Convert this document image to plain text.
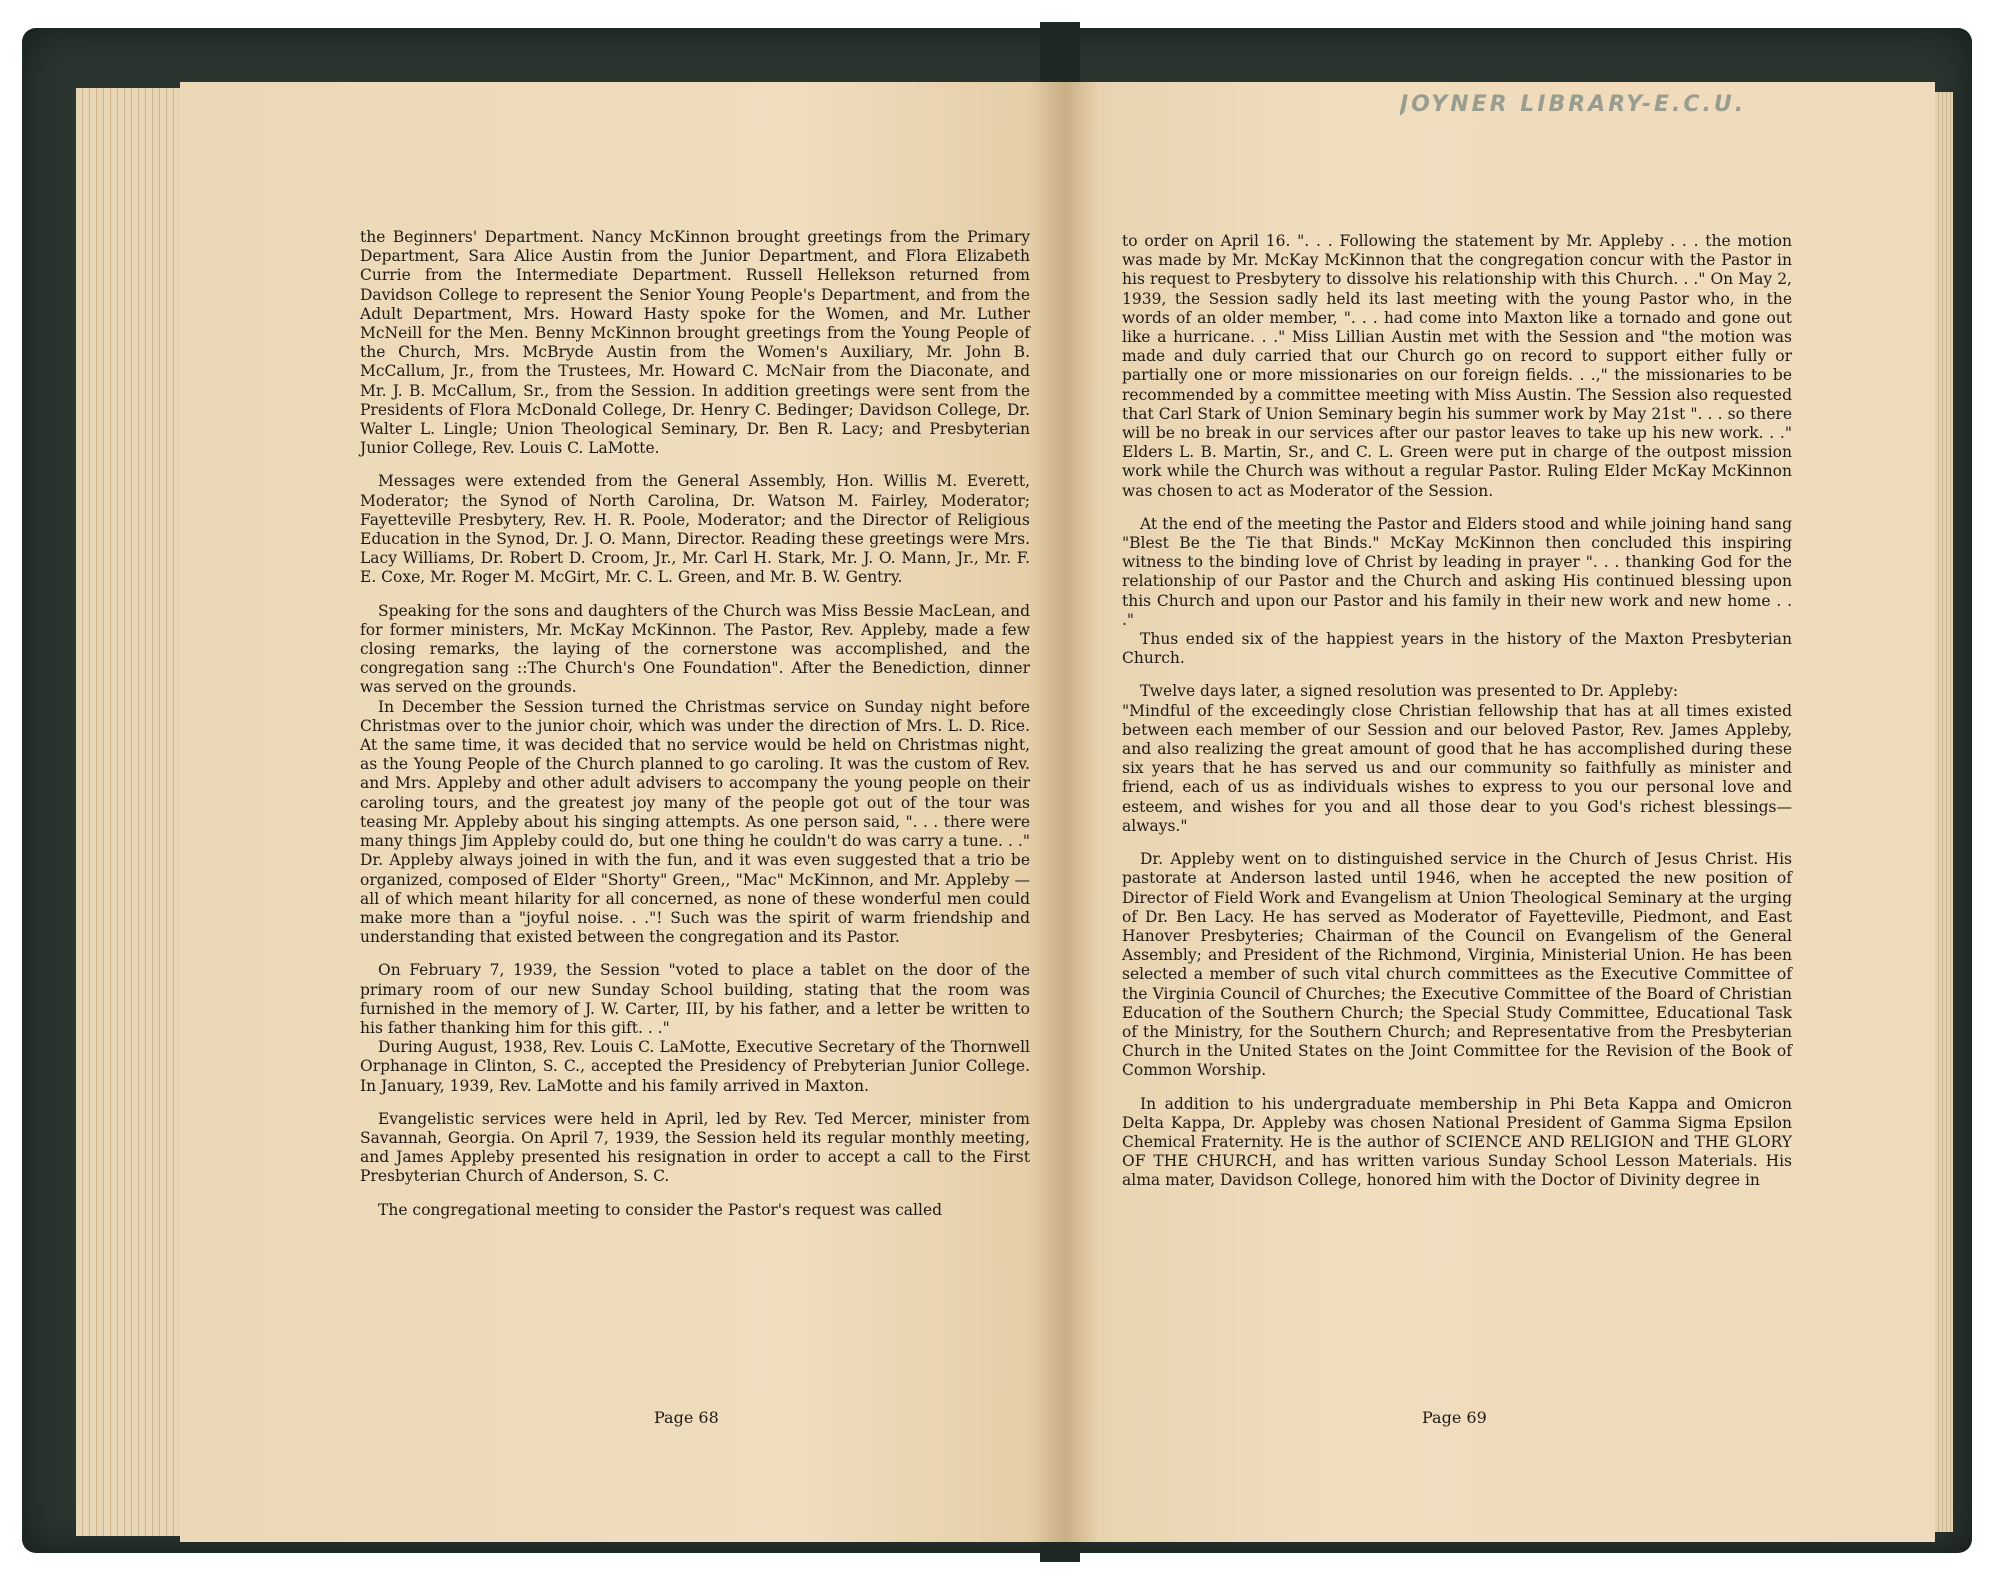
JOYNER LIBRARY-E.C.U.

the Beginners' Department. Nancy McKinnon brought greetings from the Primary Department, Sara Alice Austin from the Junior Department, and Flora Elizabeth Currie from the Intermediate Department. Russell Hellekson returned from Davidson College to represent the Senior Young People's Department, and from the Adult Department, Mrs. Howard Hasty spoke for the Women, and Mr. Luther McNeill for the Men. Benny McKinnon brought greetings from the Young People of the Church, Mrs. McBryde Austin from the Women's Auxiliary, Mr. John B. McCallum, Jr., from the Trustees, Mr. Howard C. McNair from the Diaconate, and Mr. J. B. McCallum, Sr., from the Session. In addition greetings were sent from the Presidents of Flora McDonald College, Dr. Henry C. Bedinger; Davidson College, Dr. Walter L. Lingle; Union Theological Seminary, Dr. Ben R. Lacy; and Presbyterian Junior College, Rev. Louis C. LaMotte.

Messages were extended from the General Assembly, Hon. Willis M. Everett, Moderator; the Synod of North Carolina, Dr. Watson M. Fairley, Moderator; Fayetteville Presbytery, Rev. H. R. Poole, Moderator; and the Director of Religious Education in the Synod, Dr. J. O. Mann, Director. Reading these greetings were Mrs. Lacy Williams, Dr. Robert D. Croom, Jr., Mr. Carl H. Stark, Mr. J. O. Mann, Jr., Mr. F. E. Coxe, Mr. Roger M. McGirt, Mr. C. L. Green, and Mr. B. W. Gentry.

Speaking for the sons and daughters of the Church was Miss Bessie MacLean, and for former ministers, Mr. McKay McKinnon. The Pastor, Rev. Appleby, made a few closing remarks, the laying of the cornerstone was accomplished, and the congregation sang ::The Church's One Foundation". After the Benediction, dinner was served on the grounds.

In December the Session turned the Christmas service on Sunday night before Christmas over to the junior choir, which was under the direction of Mrs. L. D. Rice. At the same time, it was decided that no service would be held on Christmas night, as the Young People of the Church planned to go caroling. It was the custom of Rev. and Mrs. Appleby and other adult advisers to accompany the young people on their caroling tours, and the greatest joy many of the people got out of the tour was teasing Mr. Appleby about his singing attempts. As one person said, ". . . there were many things Jim Appleby could do, but one thing he couldn't do was carry a tune. . ." Dr. Appleby always joined in with the fun, and it was even suggested that a trio be organized, composed of Elder "Shorty" Green,, "Mac" McKinnon, and Mr. Appleby — all of which meant hilarity for all concerned, as none of these wonderful men could make more than a "joyful noise. . ."! Such was the spirit of warm friendship and understanding that existed between the congregation and its Pastor.

On February 7, 1939, the Session "voted to place a tablet on the door of the primary room of our new Sunday School building, stating that the room was furnished in the memory of J. W. Carter, III, by his father, and a letter be written to his father thanking him for this gift. . ."

During August, 1938, Rev. Louis C. LaMotte, Executive Secretary of the Thornwell Orphanage in Clinton, S. C., accepted the Presidency of Prebyterian Junior College. In January, 1939, Rev. LaMotte and his family arrived in Maxton.

Evangelistic services were held in April, led by Rev. Ted Mercer, minister from Savannah, Georgia. On April 7, 1939, the Session held its regular monthly meeting, and James Appleby presented his resignation in order to accept a call to the First Presbyterian Church of Anderson, S. C.

The congregational meeting to consider the Pastor's request was called

to order on April 16. ". . . Following the statement by Mr. Appleby . . . the motion was made by Mr. McKay McKinnon that the congregation concur with the Pastor in his request to Presbytery to dissolve his relationship with this Church. . ." On May 2, 1939, the Session sadly held its last meeting with the young Pastor who, in the words of an older member, ". . . had come into Maxton like a tornado and gone out like a hurricane. . ." Miss Lillian Austin met with the Session and "the motion was made and duly carried that our Church go on record to support either fully or partially one or more missionaries on our foreign fields. . .," the missionaries to be recommended by a committee meeting with Miss Austin. The Session also requested that Carl Stark of Union Seminary begin his summer work by May 21st ". . . so there will be no break in our services after our pastor leaves to take up his new work. . ." Elders L. B. Martin, Sr., and C. L. Green were put in charge of the outpost mission work while the Church was without a regular Pastor. Ruling Elder McKay McKinnon was chosen to act as Moderator of the Session.

At the end of the meeting the Pastor and Elders stood and while joining hand sang "Blest Be the Tie that Binds." McKay McKinnon then concluded this inspiring witness to the binding love of Christ by leading in prayer ". . . thanking God for the relationship of our Pastor and the Church and asking His continued blessing upon this Church and upon our Pastor and his family in their new work and new home . . ."

Thus ended six of the happiest years in the history of the Maxton Presbyterian Church.

Twelve days later, a signed resolution was presented to Dr. Appleby:

"Mindful of the exceedingly close Christian fellowship that has at all times existed between each member of our Session and our beloved Pastor, Rev. James Appleby, and also realizing the great amount of good that he has accomplished during these six years that he has served us and our community so faithfully as minister and friend, each of us as individuals wishes to express to you our personal love and esteem, and wishes for you and all those dear to you God's richest blessings—always."

Dr. Appleby went on to distinguished service in the Church of Jesus Christ. His pastorate at Anderson lasted until 1946, when he accepted the new position of Director of Field Work and Evangelism at Union Theological Seminary at the urging of Dr. Ben Lacy. He has served as Moderator of Fayetteville, Piedmont, and East Hanover Presbyteries; Chairman of the Council on Evangelism of the General Assembly; and President of the Richmond, Virginia, Ministerial Union. He has been selected a member of such vital church committees as the Executive Committee of the Virginia Council of Churches; the Executive Committee of the Board of Christian Education of the Southern Church; the Special Study Committee, Educational Task of the Ministry, for the Southern Church; and Representative from the Presbyterian Church in the United States on the Joint Committee for the Revision of the Book of Common Worship.

In addition to his undergraduate membership in Phi Beta Kappa and Omicron Delta Kappa, Dr. Appleby was chosen National President of Gamma Sigma Epsilon Chemical Fraternity. He is the author of SCIENCE AND RELIGION and THE GLORY OF THE CHURCH, and has written various Sunday School Lesson Materials. His alma mater, Davidson College, honored him with the Doctor of Divinity degree in

Page 68	Page 69
